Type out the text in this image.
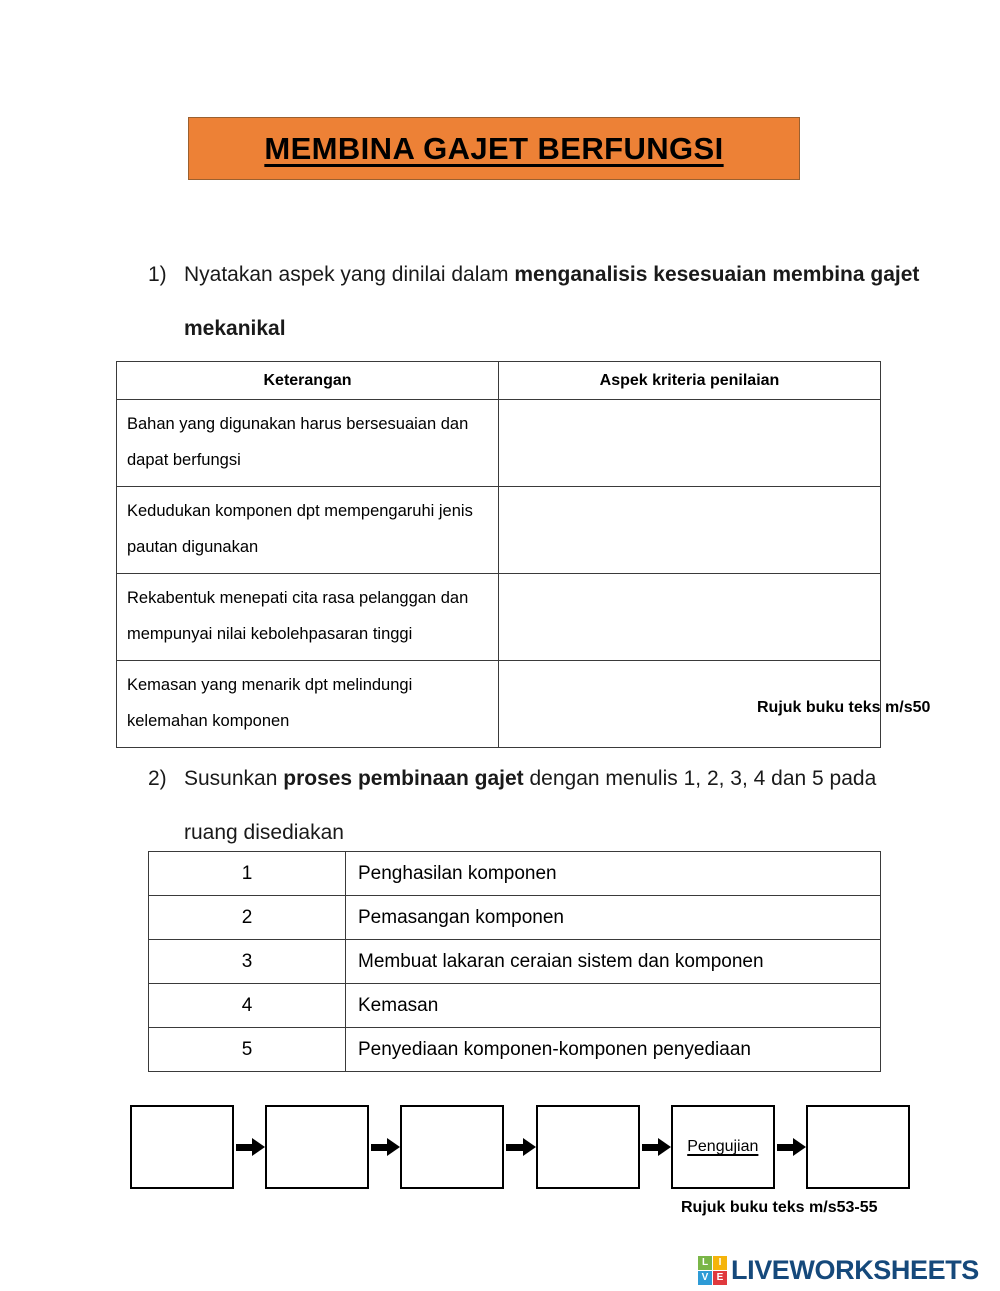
MEMBINA GAJET BERFUNGSI
1) Nyatakan aspek yang dinilai dalam menganalisis kesesuaian membina gajet mekanikal
Keterangan	Aspek kriteria penilaian
Bahan yang digunakan harus bersesuaian dan dapat berfungsi	
Kedudukan komponen dpt mempengaruhi jenis pautan digunakan	
Rekabentuk menepati cita rasa pelanggan dan mempunyai nilai kebolehpasaran tinggi	
Kemasan yang menarik dpt melindungi kelemahan komponen	
Rujuk buku teks m/s50
2) Susunkan proses pembinaan gajet dengan menulis 1, 2, 3, 4 dan 5 pada ruang disediakan
1	Penghasilan komponen
2	Pemasangan komponen
3	Membuat lakaran ceraian sistem dan komponen
4	Kemasan
5	Penyediaan komponen-komponen penyediaan
Pengujian
Rujuk buku teks m/s53-55
L	I
V E LIVEWORKSHEETS
